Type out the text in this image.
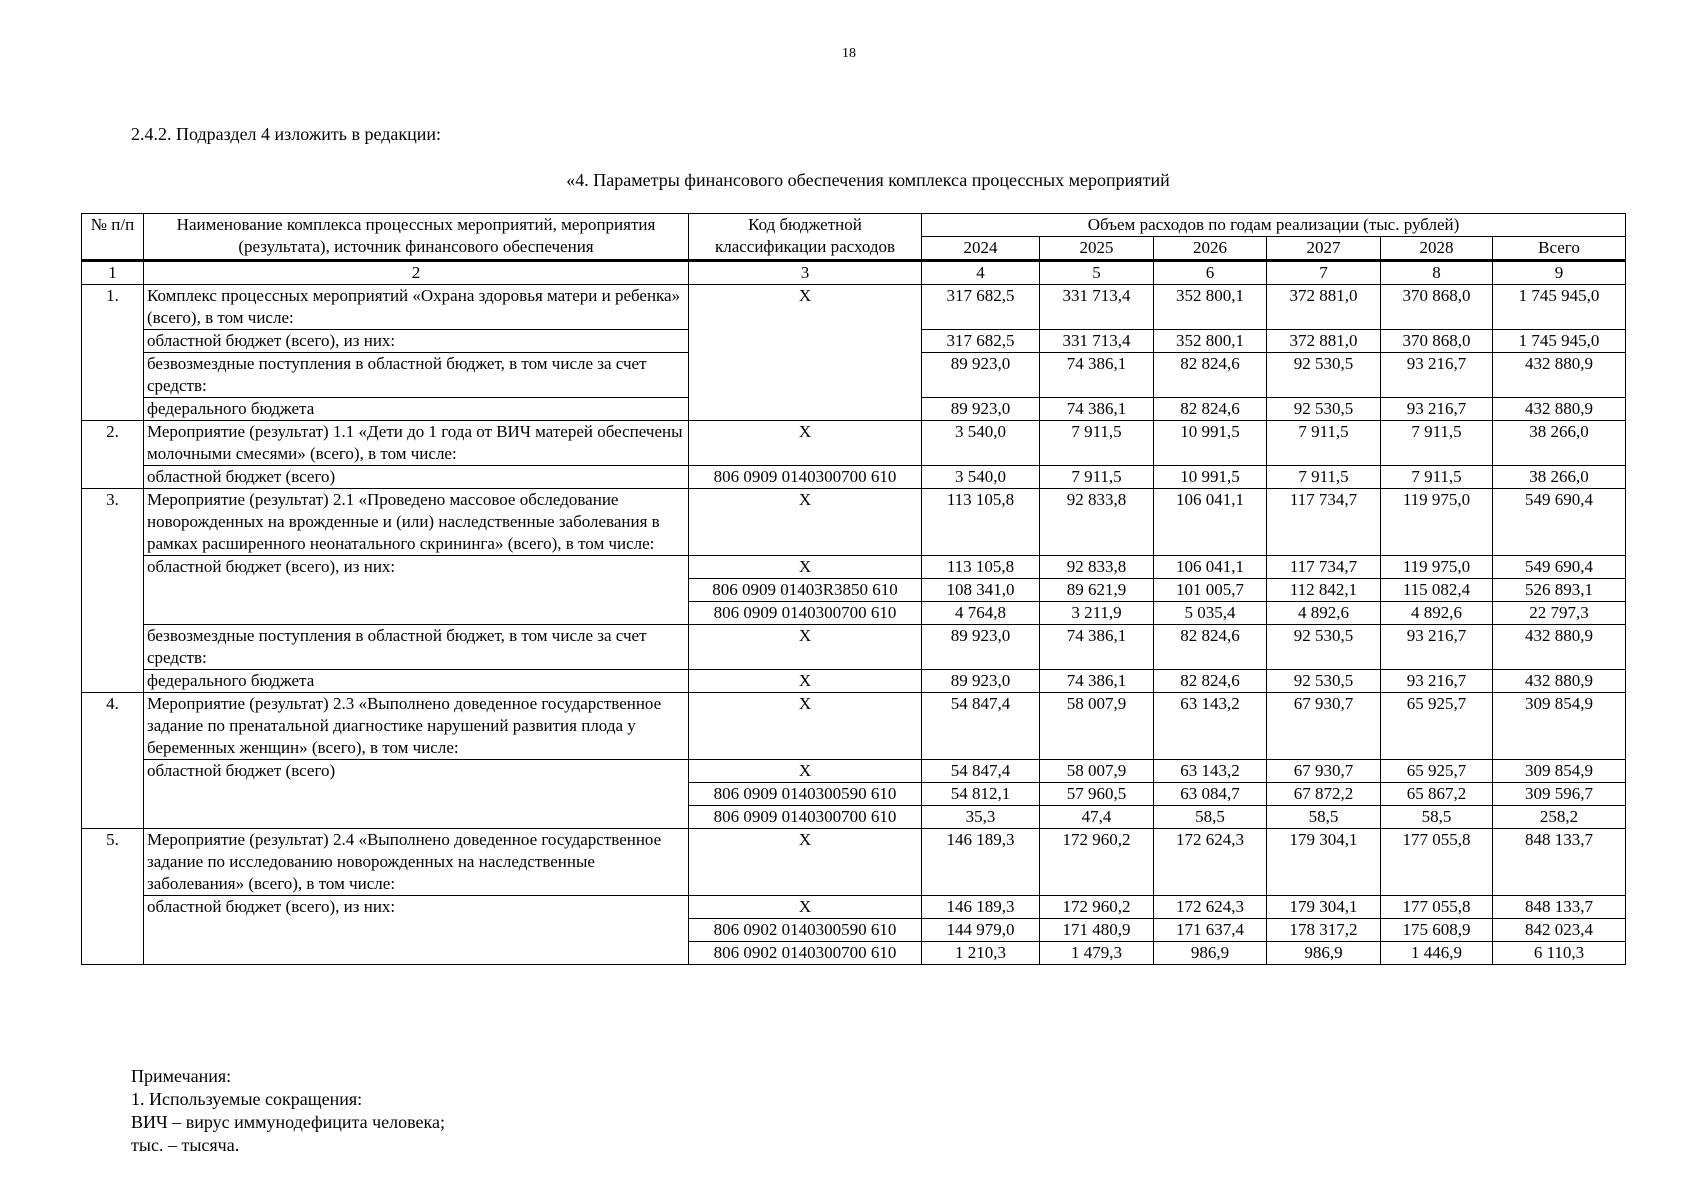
18
2.4.2. Подраздел 4 изложить в редакции:
«4. Параметры финансового обеспечения комплекса процессных мероприятий
№ п/п	Наименование комплекса процессных мероприятий, мероприятия (результата), источник финансового обеспечения	Код бюджетной классификации расходов	Объем расходов по годам реализации (тыс. рублей)					
			2024	2025	2026	2027	2028	Всего
1	2	3	4	5	6	7	8	9
1.	Комплекс процессных мероприятий «Охрана здоровья матери и ребенка» (всего), в том числе:	Х	317 682,5	331 713,4	352 800,1	372 881,0	370 868,0	1 745 945,0
	областной бюджет (всего), из них:		317 682,5	331 713,4	352 800,1	372 881,0	370 868,0	1 745 945,0
	безвозмездные поступления в областной бюджет, в том числе за счет средств:		89 923,0	74 386,1	82 824,6	92 530,5	93 216,7	432 880,9
	федерального бюджета		89 923,0	74 386,1	82 824,6	92 530,5	93 216,7	432 880,9
2.	Мероприятие (результат) 1.1 «Дети до 1 года от ВИЧ матерей обеспечены молочными смесями» (всего), в том числе:	Х	3 540,0	7 911,5	10 991,5	7 911,5	7 911,5	38 266,0
	областной бюджет (всего)	806 0909 0140300700 610	3 540,0	7 911,5	10 991,5	7 911,5	7 911,5	38 266,0
3.	Мероприятие (результат) 2.1 «Проведено массовое обследование новорожденных на врожденные и (или) наследственные заболевания в рамках расширенного неонатального скрининга» (всего), в том числе:	Х	113 105,8	92 833,8	106 041,1	117 734,7	119 975,0	549 690,4
	областной бюджет (всего), из них:	Х	113 105,8	92 833,8	106 041,1	117 734,7	119 975,0	549 690,4
		806 0909 01403R3850 610	108 341,0	89 621,9	101 005,7	112 842,1	115 082,4	526 893,1
		806 0909 0140300700 610	4 764,8	3 211,9	5 035,4	4 892,6	4 892,6	22 797,3
	безвозмездные поступления в областной бюджет, в том числе за счет средств:	Х	89 923,0	74 386,1	82 824,6	92 530,5	93 216,7	432 880,9
	федерального бюджета	Х	89 923,0	74 386,1	82 824,6	92 530,5	93 216,7	432 880,9
4.	Мероприятие (результат) 2.3 «Выполнено доведенное государственное задание по пренатальной диагностике нарушений развития плода у беременных женщин» (всего), в том числе:	Х	54 847,4	58 007,9	63 143,2	67 930,7	65 925,7	309 854,9
	областной бюджет (всего)	Х	54 847,4	58 007,9	63 143,2	67 930,7	65 925,7	309 854,9
		806 0909 0140300590 610	54 812,1	57 960,5	63 084,7	67 872,2	65 867,2	309 596,7
		806 0909 0140300700 610	35,3	47,4	58,5	58,5	58,5	258,2
5.	Мероприятие (результат) 2.4 «Выполнено доведенное государственное задание по исследованию новорожденных на наследственные заболевания» (всего), в том числе:	Х	146 189,3	172 960,2	172 624,3	179 304,1	177 055,8	848 133,7
	областной бюджет (всего), из них:	Х	146 189,3	172 960,2	172 624,3	179 304,1	177 055,8	848 133,7
		806 0902 0140300590 610	144 979,0	171 480,9	171 637,4	178 317,2	175 608,9	842 023,4
		806 0902 0140300700 610	1 210,3	1 479,3	986,9	986,9	1 446,9	6 110,3
Примечания:
1. Используемые сокращения:
ВИЧ – вирус иммунодефицита человека;
тыс. – тысяча.
